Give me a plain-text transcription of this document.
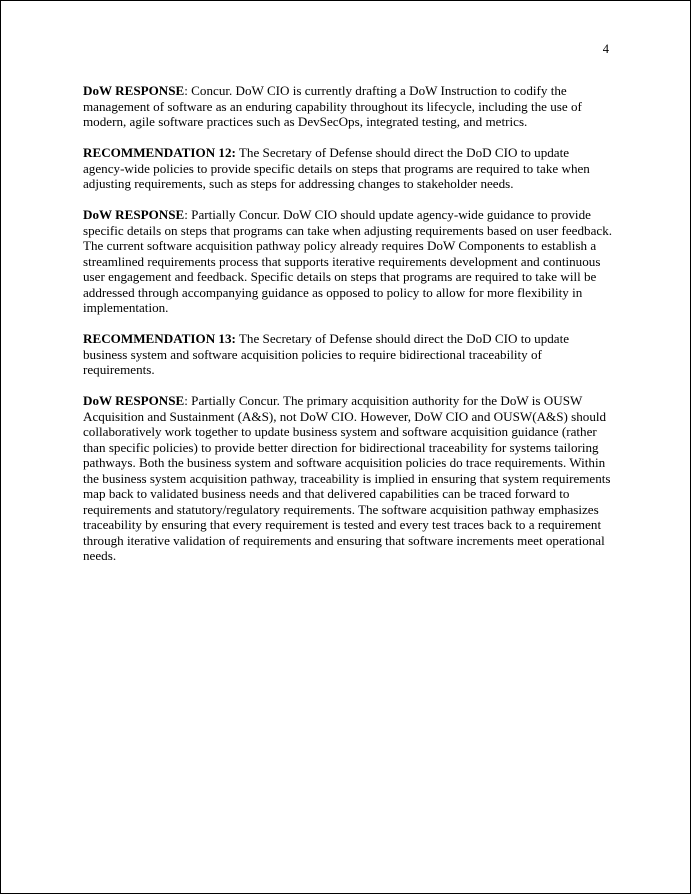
4

DoW RESPONSE: Concur. DoW CIO is currently drafting a DoW Instruction to codify the management of software as an enduring capability throughout its lifecycle, including the use of modern, agile software practices such as DevSecOps, integrated testing, and metrics.

RECOMMENDATION 12: The Secretary of Defense should direct the DoD CIO to update agency-wide policies to provide specific details on steps that programs are required to take when adjusting requirements, such as steps for addressing changes to stakeholder needs.

DoW RESPONSE: Partially Concur. DoW CIO should update agency-wide guidance to provide specific details on steps that programs can take when adjusting requirements based on user feedback. The current software acquisition pathway policy already requires DoW Components to establish a streamlined requirements process that supports iterative requirements development and continuous user engagement and feedback. Specific details on steps that programs are required to take will be addressed through accompanying guidance as opposed to policy to allow for more flexibility in implementation.

RECOMMENDATION 13: The Secretary of Defense should direct the DoD CIO to update business system and software acquisition policies to require bidirectional traceability of requirements.

DoW RESPONSE: Partially Concur. The primary acquisition authority for the DoW is OUSW Acquisition and Sustainment (A&S), not DoW CIO. However, DoW CIO and OUSW(A&S) should collaboratively work together to update business system and software acquisition guidance (rather than specific policies) to provide better direction for bidirectional traceability for systems tailoring pathways. Both the business system and software acquisition policies do trace requirements. Within the business system acquisition pathway, traceability is implied in ensuring that system requirements map back to validated business needs and that delivered capabilities can be traced forward to requirements and statutory/regulatory requirements. The software acquisition pathway emphasizes traceability by ensuring that every requirement is tested and every test traces back to a requirement through iterative validation of requirements and ensuring that software increments meet operational needs.
